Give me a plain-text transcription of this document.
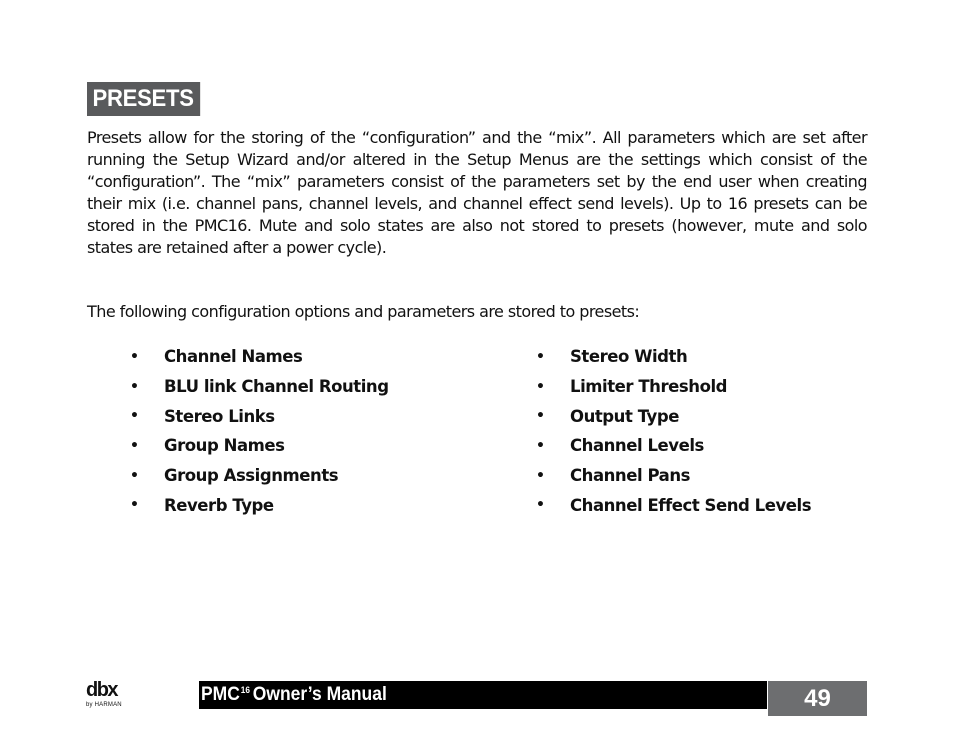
PRESETS

Presets allow for the storing of the “configuration” and the “mix”. All parameters which are set after running the Setup Wizard and/or altered in the Setup Menus are the settings which consist of the “configuration”. The “mix” parameters consist of the parameters set by the end user when creating their mix (i.e. channel pans, channel levels, and channel effect send levels). Up to 16 presets can be stored in the PMC16. Mute and solo states are also not stored to presets (however, mute and solo states are retained after a power cycle).

The following configuration options and parameters are stored to presets:

•	Channel Names
•	BLU link Channel Routing
•	Stereo Links
•	Group Names
•	Group Assignments
•	Reverb Type
•	Stereo Width
•	Limiter Threshold
•	Output Type
•	Channel Levels
•	Channel Pans
•	Channel Effect Send Levels
dbx
by HARMAN	PMC$^{16}$ Owner’s Manual	49
